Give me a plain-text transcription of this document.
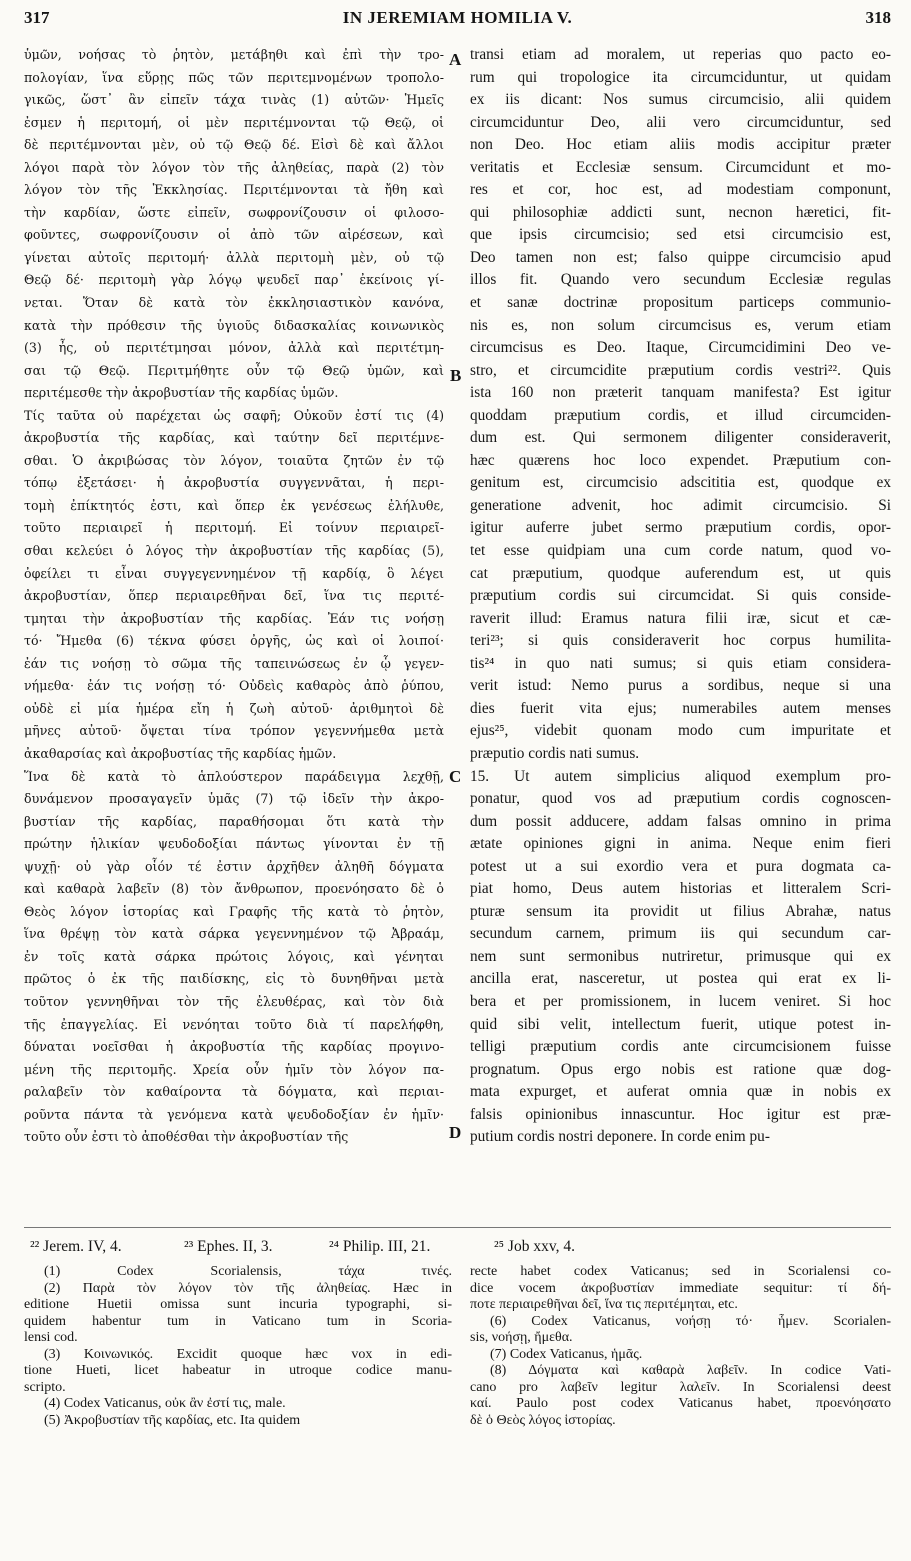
317	IN JEREMIAM HOMILIA V.	318
ὑμῶν, νοήσας τὸ ῥητὸν, μετάβηθι καὶ ἐπὶ τὴν τρο-
πολογίαν, ἵνα εὕρῃς πῶς τῶν περιτεμνομένων τροπολο-
γικῶς, ὥστ᾽ ἂν εἰπεῖν τάχα τινὰς (1) αὐτῶν· Ἡμεῖς
ἐσμεν ἡ περιτομή, οἱ μὲν περιτέμνονται τῷ Θεῷ, οἱ
δὲ περιτέμνονται μὲν, οὐ τῷ Θεῷ δέ. Εἰσὶ δὲ καὶ ἄλλοι
λόγοι παρὰ τὸν λόγον τὸν τῆς ἀληθείας, παρὰ (2) τὸν
λόγον τὸν τῆς Ἐκκλησίας. Περιτέμνονται τὰ ἤθη καὶ
τὴν καρδίαν, ὥστε εἰπεῖν, σωφρονίζουσιν οἱ φιλοσο-
φοῦντες, σωφρονίζουσιν οἱ ἀπὸ τῶν αἱρέσεων, καὶ
γίνεται αὐτοῖς περιτομή· ἀλλὰ περιτομὴ μὲν, οὐ τῷ
Θεῷ δέ· περιτομὴ γὰρ λόγῳ ψευδεῖ παρ᾽ ἐκείνοις γί-
νεται. Ὅταν δὲ κατὰ τὸν ἐκκλησιαστικὸν κανόνα,
κατὰ τὴν πρόθεσιν τῆς ὑγιοῦς διδασκαλίας κοινωνικὸς
(3) ἦς, οὐ περιτέτμησαι μόνον, ἀλλὰ καὶ περιτέτμη-
σαι τῷ Θεῷ. Περιτμήθητε οὖν τῷ Θεῷ ὑμῶν, καὶ
περιτέμεσθε τὴν ἀκροβυστίαν τῆς καρδίας ὑμῶν.
Τίς ταῦτα οὐ παρέχεται ὡς σαφῆ; Οὐκοῦν ἐστί τις (4)
ἀκροβυστία τῆς καρδίας, καὶ ταύτην δεῖ περιτέμνε-
σθαι. Ὁ ἀκριβώσας τὸν λόγον, τοιαῦτα ζητῶν ἐν τῷ
τόπῳ ἐξετάσει· ἡ ἀκροβυστία συγγεννᾶται, ἡ περι-
τομὴ ἐπίκτητός ἐστι, καὶ ὅπερ ἐκ γενέσεως ἐλήλυθε,
τοῦτο περιαιρεῖ ἡ περιτομή. Εἰ τοίνυν περιαιρεῖ-
σθαι κελεύει ὁ λόγος τὴν ἀκροβυστίαν τῆς καρδίας (5),
ὀφείλει τι εἶναι συγγεγεννημένον τῇ καρδίᾳ, ὃ λέγει
ἀκροβυστίαν, ὅπερ περιαιρεθῆναι δεῖ, ἵνα τις περιτέ-
τμηται τὴν ἀκροβυστίαν τῆς καρδίας. Ἐάν τις νοήσῃ
τό· Ἤμεθα (6) τέκνα φύσει ὀργῆς, ὡς καὶ οἱ λοιποί·
ἐάν τις νοήσῃ τὸ σῶμα τῆς ταπεινώσεως ἐν ᾧ γεγεν-
νήμεθα· ἐάν τις νοήσῃ τό· Οὐδεὶς καθαρὸς ἀπὸ ῥύπου,
οὐδὲ εἰ μία ἡμέρα εἴη ἡ ζωὴ αὐτοῦ· ἀριθμητοὶ δὲ
μῆνες αὐτοῦ· ὄψεται τίνα τρόπον γεγεννήμεθα μετὰ
ἀκαθαρσίας καὶ ἀκροβυστίας τῆς καρδίας ἡμῶν.
Ἵνα δὲ κατὰ τὸ ἁπλούστερον παράδειγμα λεχθῇ,
δυνάμενον προσαγαγεῖν ὑμᾶς (7) τῷ ἰδεῖν τὴν ἀκρο-
βυστίαν τῆς καρδίας, παραθήσομαι ὅτι κατὰ τὴν
πρώτην ἡλικίαν ψευδοδοξίαι πάντως γίνονται ἐν τῇ
ψυχῇ· οὐ γὰρ οἷόν τέ ἐστιν ἀρχῆθεν ἀληθῆ δόγματα
καὶ καθαρὰ λαβεῖν (8) τὸν ἄνθρωπον, προενόησατο δὲ ὁ
Θεὸς λόγον ἱστορίας καὶ Γραφῆς τῆς κατὰ τὸ ῥητὸν,
ἵνα θρέψῃ τὸν κατὰ σάρκα γεγεννημένον τῷ Ἀβραάμ,
ἐν τοῖς κατὰ σάρκα πρώτοις λόγοις, καὶ γένηται
πρῶτος ὁ ἐκ τῆς παιδίσκης, εἰς τὸ δυνηθῆναι μετὰ
τοῦτον γεννηθῆναι τὸν τῆς ἐλευθέρας, καὶ τὸν διὰ
τῆς ἐπαγγελίας. Εἰ νενόηται τοῦτο διὰ τί παρελήφθη,
δύναται νοεῖσθαι ἡ ἀκροβυστία τῆς καρδίας προγινο-
μένη τῆς περιτομῆς. Χρεία οὖν ἡμῖν τὸν λόγον πα-
ραλαβεῖν τὸν καθαίροντα τὰ δόγματα, καὶ περιαι-
ροῦντα πάντα τὰ γενόμενα κατὰ ψευδοδοξίαν ἐν ἡμῖν·
τοῦτο οὖν ἐστι τὸ ἀποθέσθαι τὴν ἀκροβυστίαν τῆς
transi etiam ad moralem, ut reperias quo pacto eo-
rum qui tropologice ita circumciduntur, ut quidam
ex iis dicant: Nos sumus circumcisio, alii quidem
circumciduntur Deo, alii vero circumciduntur, sed
non Deo. Hoc etiam aliis modis accipitur præter
veritatis et Ecclesiæ sensum. Circumcidunt et mo-
res et cor, hoc est, ad modestiam componunt,
qui philosophiæ addicti sunt, necnon hæretici, fit-
que ipsis circumcisio; sed etsi circumcisio est,
Deo tamen non est; falso quippe circumcisio apud
illos fit. Quando vero secundum Ecclesiæ regulas
et sanæ doctrinæ propositum particeps communio-
nis es, non solum circumcisus es, verum etiam
circumcisus es Deo. Itaque, Circumcidimini Deo ve-
stro, et circumcidite præputium cordis vestri²². Quis
ista 160 non præterit tanquam manifesta? Est igitur
quoddam præputium cordis, et illud circumciden-
dum est. Qui sermonem diligenter consideraverit,
hæc quærens hoc loco expendet. Præputium con-
genitum est, circumcisio adscititia est, quodque ex
generatione advenit, hoc adimit circumcisio. Si
igitur auferre jubet sermo præputium cordis, opor-
tet esse quidpiam una cum corde natum, quod vo-
cat præputium, quodque auferendum est, ut quis
præputium cordis sui circumcidat. Si quis conside-
raverit illud: Eramus natura filii iræ, sicut et cæ-
teri²³; si quis consideraverit hoc corpus humilita-
tis²⁴ in quo nati sumus; si quis etiam considera-
verit istud: Nemo purus a sordibus, neque si una
dies fuerit vita ejus; numerabiles autem menses
ejus²⁵, videbit quonam modo cum impuritate et
præputio cordis nati sumus.
15. Ut autem simplicius aliquod exemplum pro-
ponatur, quod vos ad præputium cordis cognoscen-
dum possit adducere, addam falsas omnino in prima
ætate opiniones gigni in anima. Neque enim fieri
potest ut a sui exordio vera et pura dogmata ca-
piat homo, Deus autem historias et litteralem Scri-
pturæ sensum ita providit ut filius Abrahæ, natus
secundum carnem, primum iis qui secundum car-
nem sunt sermonibus nutriretur, primusque qui ex
ancilla erat, nasceretur, ut postea qui erat ex li-
bera et per promissionem, in lucem veniret. Si hoc
quid sibi velit, intellectum fuerit, utique potest in-
telligi præputium cordis ante circumcisionem fuisse
prognatum. Opus ergo nobis est ratione quæ dog-
mata expurget, et auferat omnia quæ in nobis ex
falsis opinionibus innascuntur. Hoc igitur est præ-
putium cordis nostri deponere. In corde enim pu-
A
B
C
D
²² Jerem. IV, 4.	²³ Ephes. II, 3.	²⁴ Philip. III, 21.	²⁵ Job xxv, 4.
(1) Codex Scorialensis, τάχα τινές.
(2) Παρὰ τὸν λόγον τὸν τῆς ἀληθείας. Hæc in
editione Huetii omissa sunt incuria typographi, si-
quidem habentur tum in Vaticano tum in Scoria-
lensi cod.
(3) Κοινωνικός. Excidit quoque hæc vox in edi-
tione Hueti, licet habeatur in utroque codice manu-
scripto.
(4) Codex Vaticanus, οὐκ ἂν ἐστί τις, male.
(5) Ἀκροβυστίαν τῆς καρδίας, etc. Ita quidem
recte habet codex Vaticanus; sed in Scorialensi co-
dice vocem ἀκροβυστίαν immediate sequitur: τί δή-
ποτε περιαιρεθῆναι δεῖ, ἵνα τις περιτέμηται, etc.
(6) Codex Vaticanus, νοήσῃ τό· ἦμεν. Scorialen-
sis, νοήσῃ, ἤμεθα.
(7) Codex Vaticanus, ἡμᾶς.
(8) Δόγματα καὶ καθαρὰ λαβεῖν. In codice Vati-
cano pro λαβεῖν legitur λαλεῖν. In Scorialensi deest
καί. Paulo post codex Vaticanus habet, προενόησατο
δὲ ὁ Θεὸς λόγος ἱστορίας.
